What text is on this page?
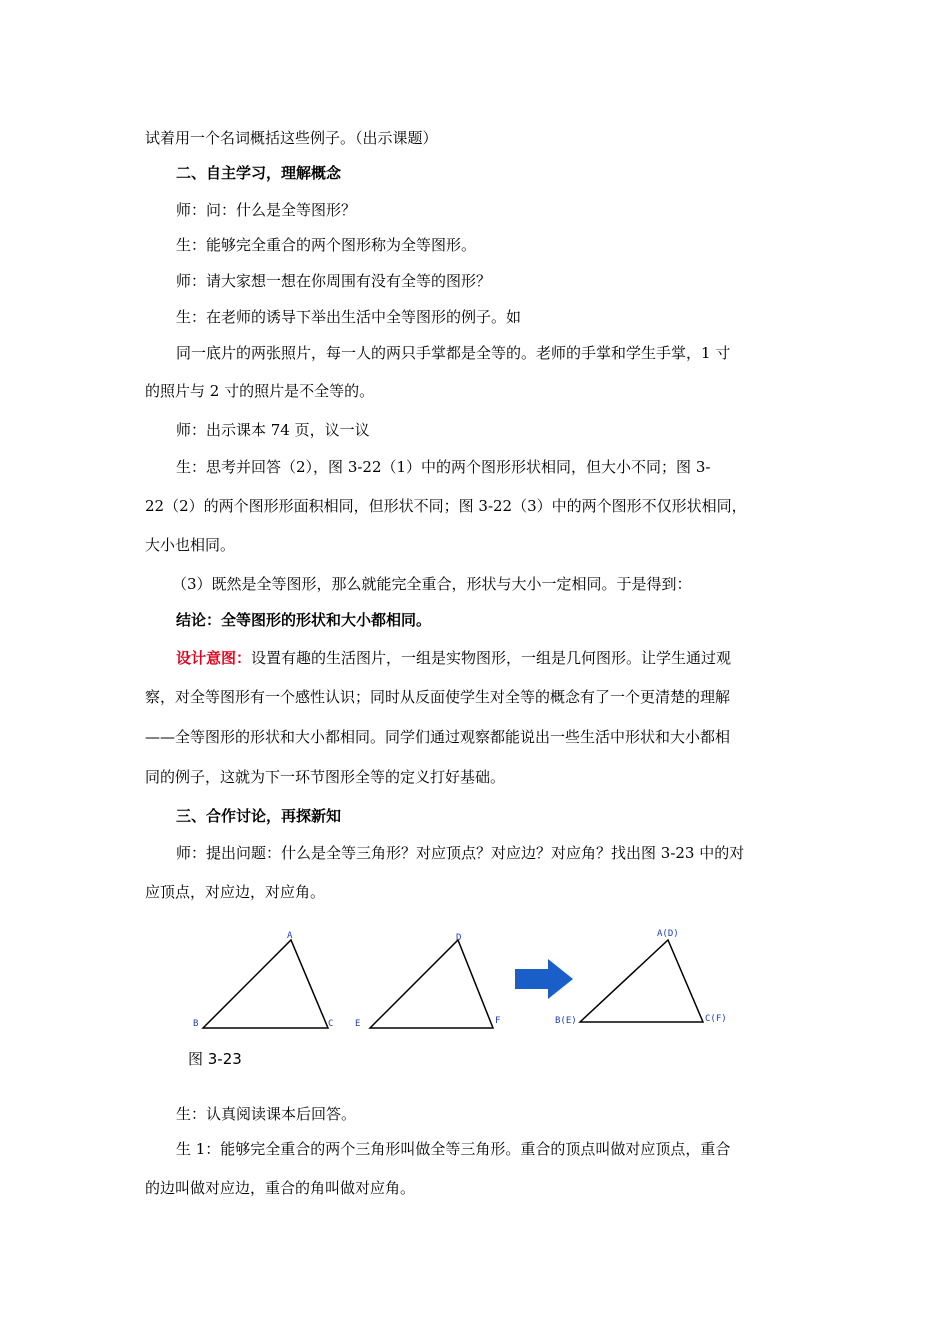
试着用一个名词概括这些例子。（出示课题）
二、自主学习，理解概念
师：问：什么是全等图形？
生：能够完全重合的两个图形称为全等图形。
师：请大家想一想在你周围有没有全等的图形？
生：在老师的诱导下举出生活中全等图形的例子。如
同一底片的两张照片，每一人的两只手掌都是全等的。老师的手掌和学生手掌，1 寸
的照片与 2 寸的照片是不全等的。
师：出示课本 74 页，议一议
生：思考并回答（2），图 3-22（1）中的两个图形形状相同，但大小不同；图 3-
22（2）的两个图形形面积相同，但形状不同；图 3-22（3）中的两个图形不仅形状相同，
大小也相同。
（3）既然是全等图形，那么就能完全重合，形状与大小一定相同。于是得到：
结论：全等图形的形状和大小都相同。
设计意图：设置有趣的生活图片，一组是实物图形，一组是几何图形。让学生通过观
察，对全等图形有一个感性认识；同时从反面使学生对全等的概念有了一个更清楚的理解
——全等图形的形状和大小都相同。同学们通过观察都能说出一些生活中形状和大小都相
同的例子，这就为下一环节图形全等的定义打好基础。
三、合作讨论，再探新知
师：提出问题：什么是全等三角形？对应顶点？对应边？对应角？找出图 3-23 中的对
应顶点，对应边，对应角。
A
B	C
D
E	F
A(D)
B(E)	C(F)
图 3-23
生：认真阅读课本后回答。
生 1：能够完全重合的两个三角形叫做全等三角形。重合的顶点叫做对应顶点，重合
的边叫做对应边，重合的角叫做对应角。
